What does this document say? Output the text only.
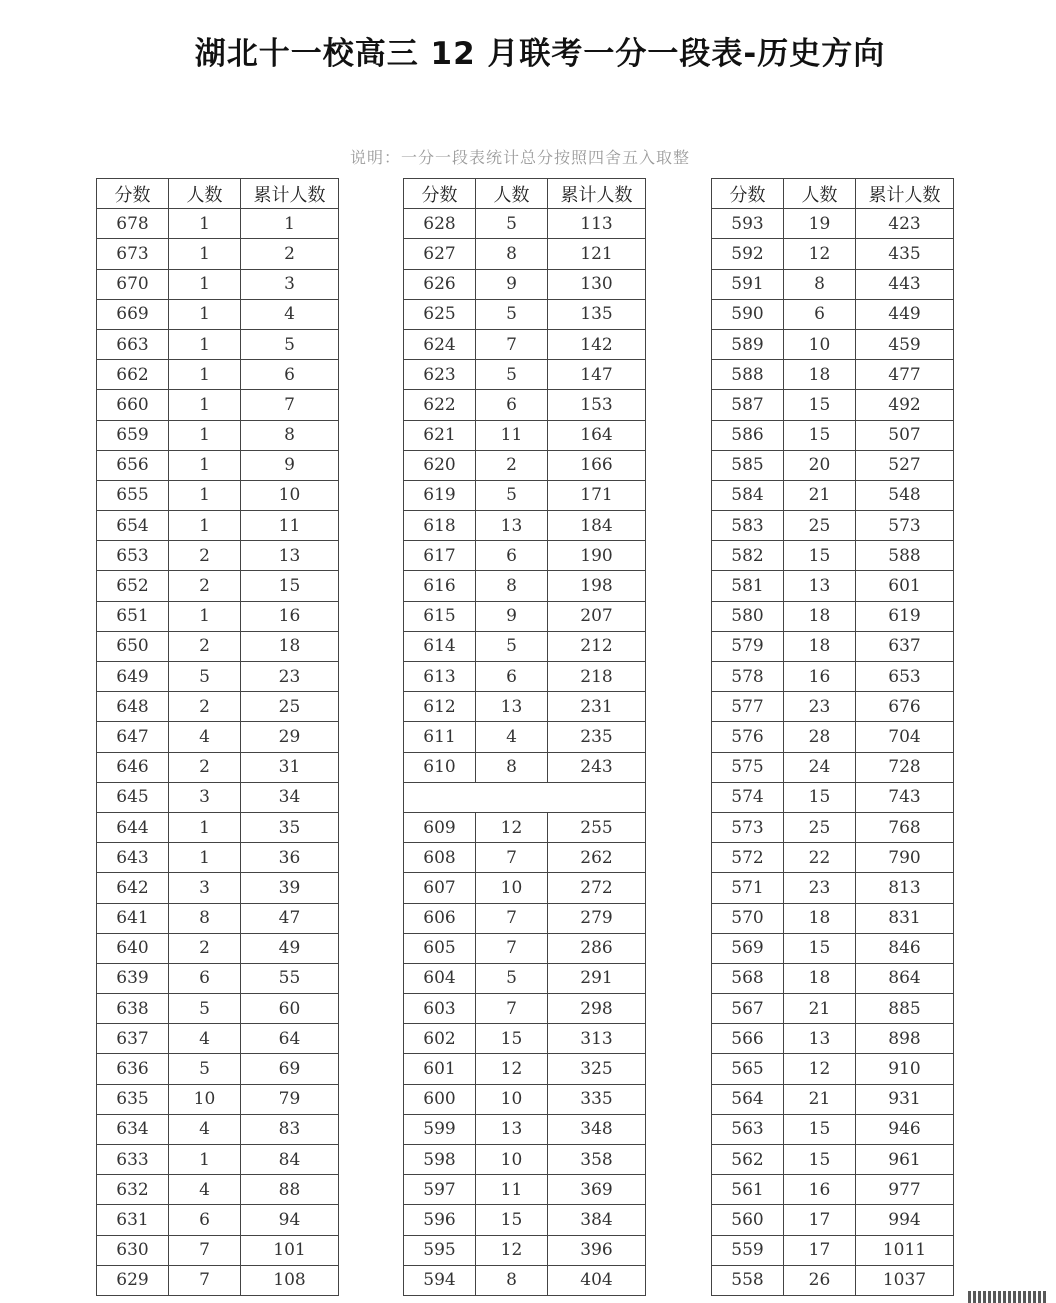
湖北十一校高三 12 月联考一分一段表-历史方向
说明：一分一段表统计总分按照四舍五入取整
分数	人数	累计人数
678	1	1
673	1	2
670	1	3
669	1	4
663	1	5
662	1	6
660	1	7
659	1	8
656	1	9
655	1	10
654	1	11
653	2	13
652	2	15
651	1	16
650	2	18
649	5	23
648	2	25
647	4	29
646	2	31
645	3	34
644	1	35
643	1	36
642	3	39
641	8	47
640	2	49
639	6	55
638	5	60
637	4	64
636	5	69
635	10	79
634	4	83
633	1	84
632	4	88
631	6	94
630	7	101
629	7	108
分数	人数	累计人数
628	5	113
627	8	121
626	9	130
625	5	135
624	7	142
623	5	147
622	6	153
621	11	164
620	2	166
619	5	171
618	13	184
617	6	190
616	8	198
615	9	207
614	5	212
613	6	218
612	13	231
611	4	235
610	8	243

609	12	255
608	7	262
607	10	272
606	7	279
605	7	286
604	5	291
603	7	298
602	15	313
601	12	325
600	10	335
599	13	348
598	10	358
597	11	369
596	15	384
595	12	396
594	8	404
分数	人数	累计人数
593	19	423
592	12	435
591	8	443
590	6	449
589	10	459
588	18	477
587	15	492
586	15	507
585	20	527
584	21	548
583	25	573
582	15	588
581	13	601
580	18	619
579	18	637
578	16	653
577	23	676
576	28	704
575	24	728
574	15	743
573	25	768
572	22	790
571	23	813
570	18	831
569	15	846
568	18	864
567	21	885
566	13	898
565	12	910
564	21	931
563	15	946
562	15	961
561	16	977
560	17	994
559	17	1011
558	26	1037
